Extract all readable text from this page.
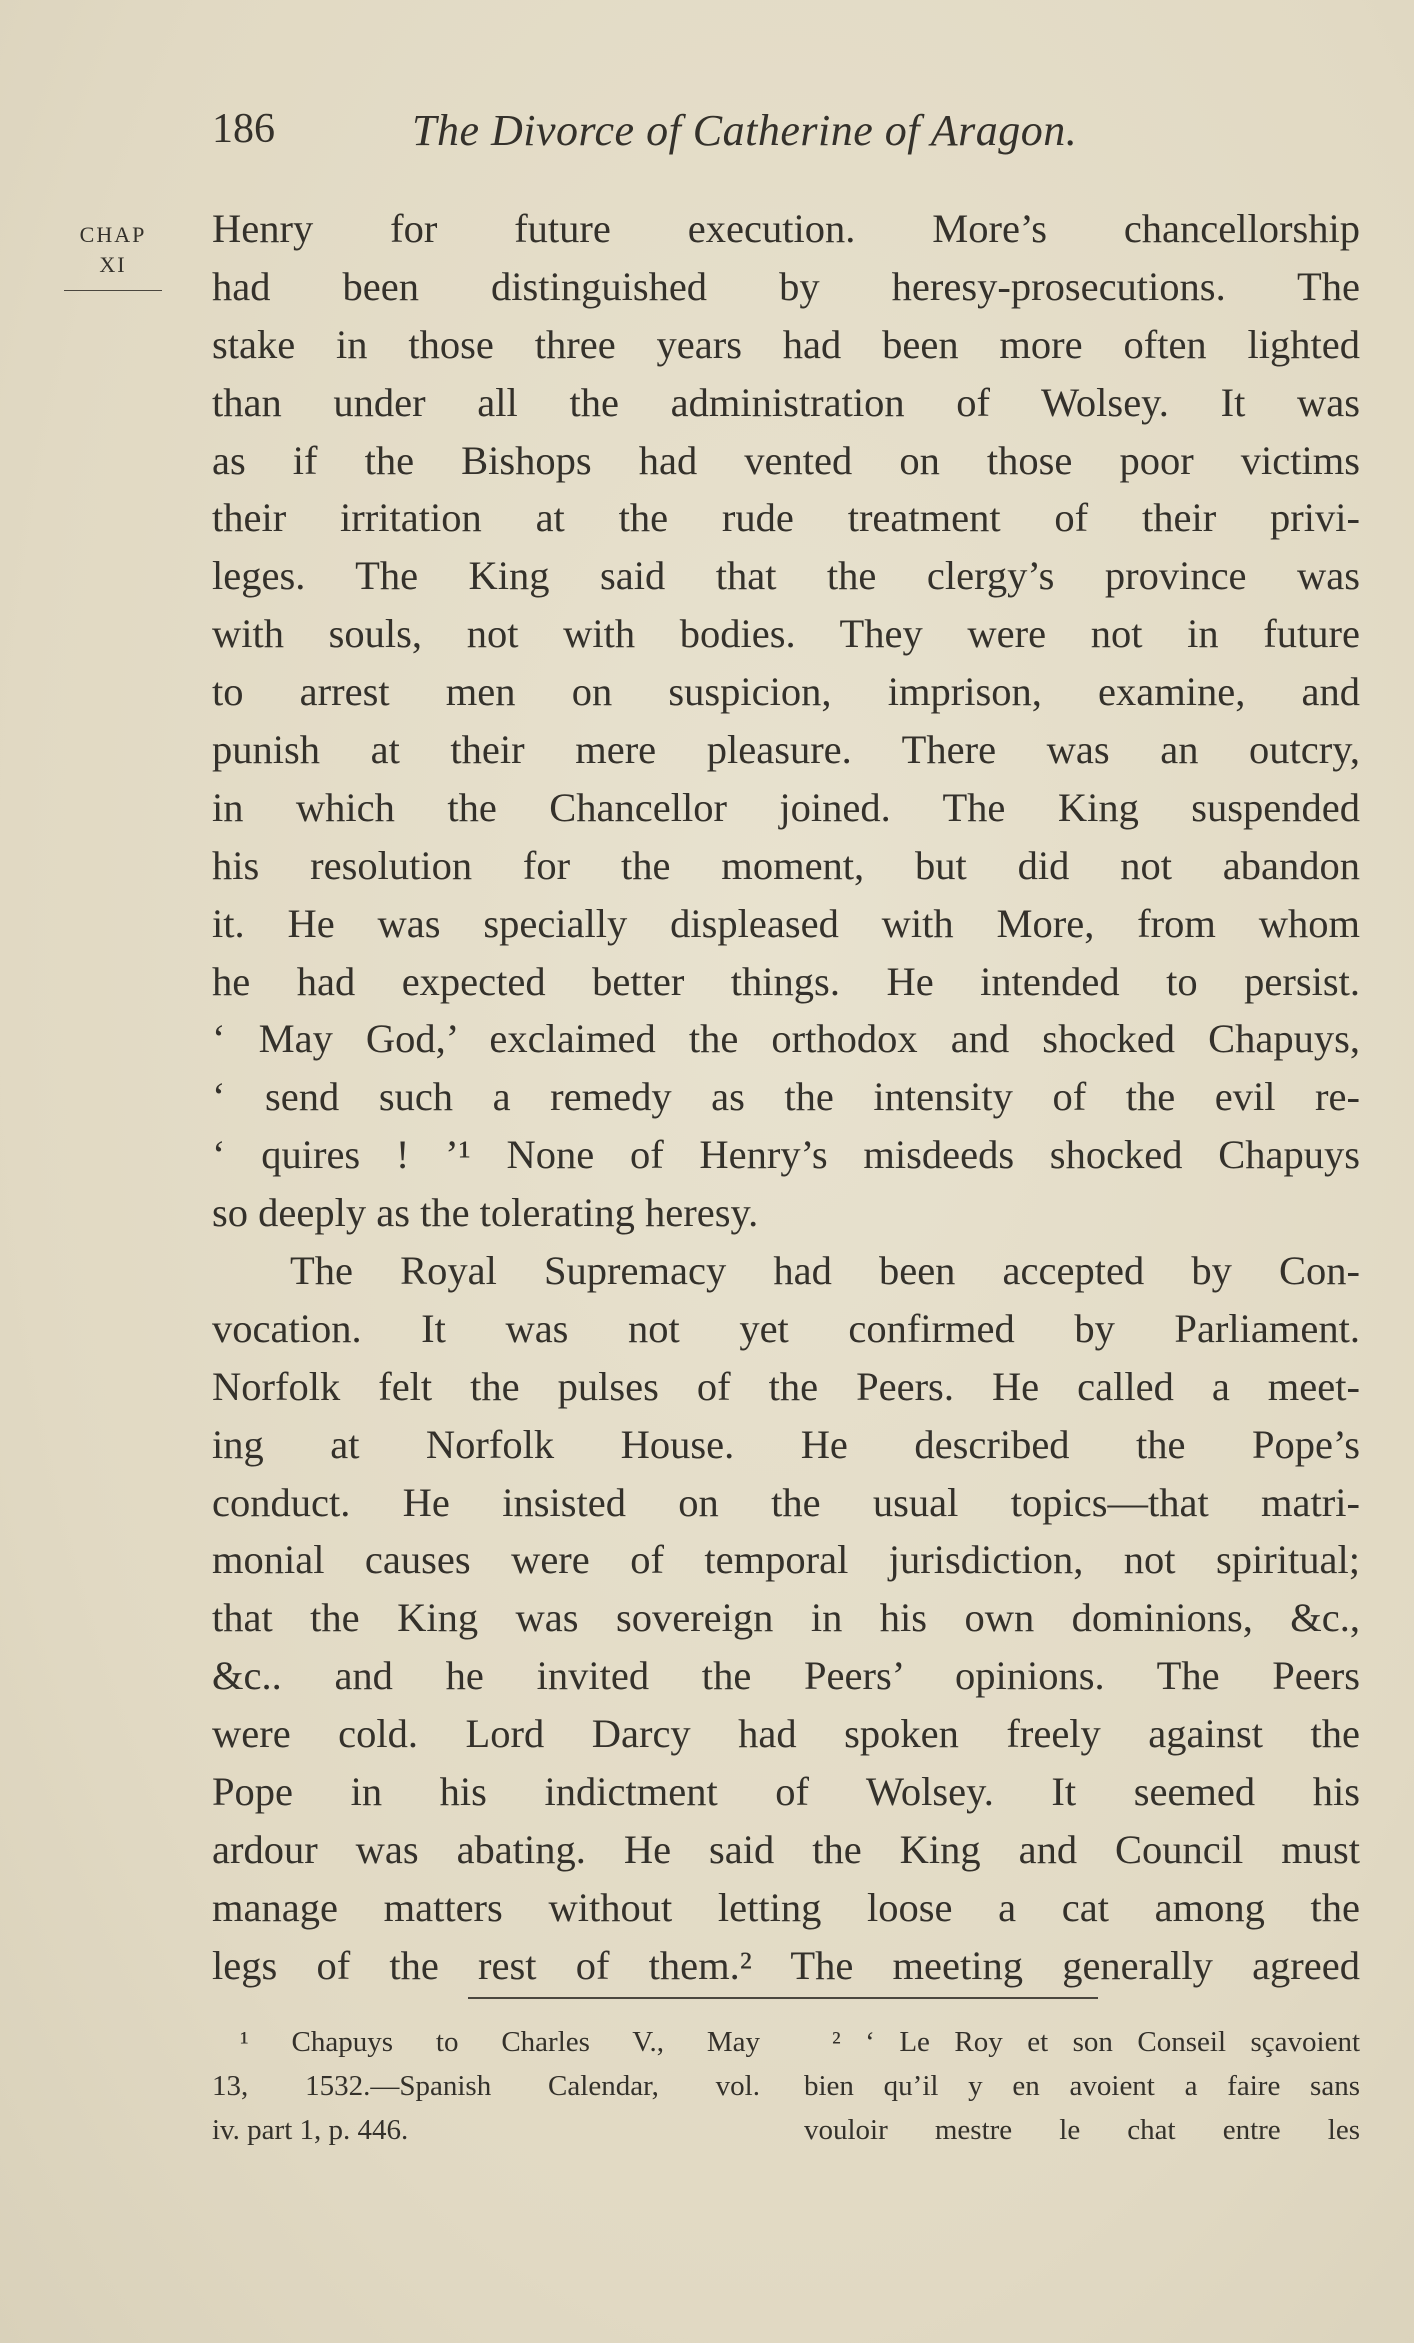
186	The Divorce of Catherine of Aragon.
CHAP
XI
Henry for future execution. More’s chancellorship
had been distinguished by heresy-prosecutions. The
stake in those three years had been more often lighted
than under all the administration of Wolsey. It was
as if the Bishops had vented on those poor victims
their irritation at the rude treatment of their privi-
leges. The King said that the clergy’s province was
with souls, not with bodies. They were not in future
to arrest men on suspicion, imprison, examine, and
punish at their mere pleasure. There was an outcry,
in which the Chancellor joined. The King suspended
his resolution for the moment, but did not abandon
it. He was specially displeased with More, from whom
he had expected better things. He intended to persist.
‘ May God,’ exclaimed the orthodox and shocked Chapuys,
‘ send such a remedy as the intensity of the evil re-
‘ quires ! ’¹ None of Henry’s misdeeds shocked Chapuys
so deeply as the tolerating heresy.
The Royal Supremacy had been accepted by Con-
vocation. It was not yet confirmed by Parliament.
Norfolk felt the pulses of the Peers. He called a meet-
ing at Norfolk House. He described the Pope’s
conduct. He insisted on the usual topics—that matri-
monial causes were of temporal jurisdiction, not spiritual;
that the King was sovereign in his own dominions, &c.,
&c.. and he invited the Peers’ opinions. The Peers
were cold. Lord Darcy had spoken freely against the
Pope in his indictment of Wolsey. It seemed his
ardour was abating. He said the King and Council must
manage matters without letting loose a cat among the
legs of the rest of them.² The meeting generally agreed
¹ Chapuys to Charles V., May
13, 1532.—Spanish Calendar, vol.
iv. part 1, p. 446.
² ‘ Le Roy et son Conseil sçavoient
bien qu’il y en avoient a faire sans
vouloir mestre le chat entre les
